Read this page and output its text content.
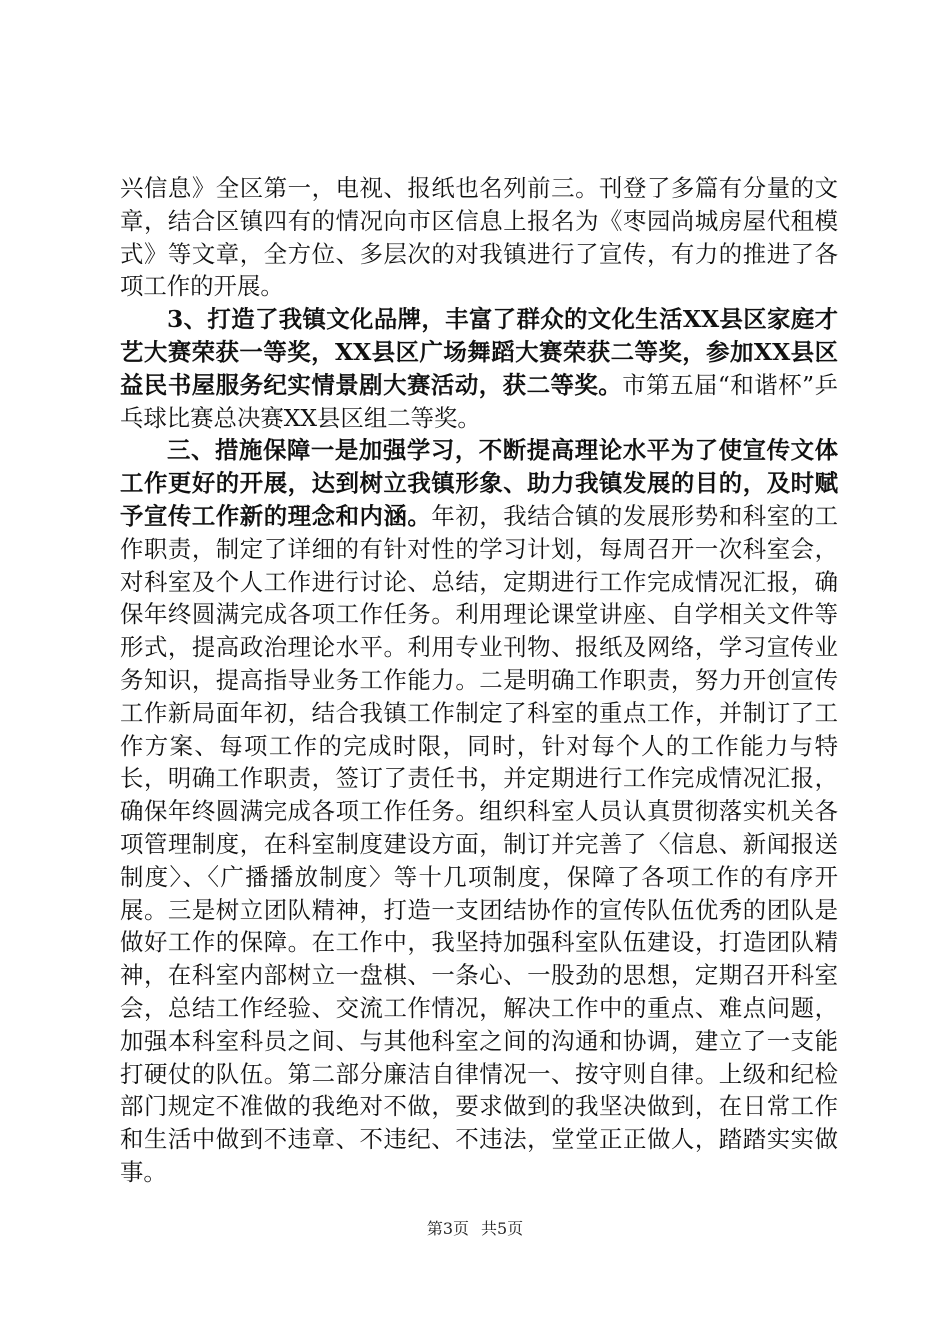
兴信息》全区第一，电视、报纸也名列前三。刊登了多篇有分量的文章，结合区镇四有的情况向市区信息上报名为《枣园尚城房屋代租模式》等文章，全方位、多层次的对我镇进行了宣传，有力的推进了各项工作的开展。

3、打造了我镇文化品牌，丰富了群众的文化生活XX县区家庭才艺大赛荣获一等奖，XX县区广场舞蹈大赛荣获二等奖，参加XX县区益民书屋服务纪实情景剧大赛活动，获二等奖。市第五届“和谐杯”乒乓球比赛总决赛XX县区组二等奖。

三、措施保障一是加强学习，不断提高理论水平为了使宣传文体工作更好的开展，达到树立我镇形象、助力我镇发展的目的，及时赋予宣传工作新的理念和内涵。年初，我结合镇的发展形势和科室的工作职责，制定了详细的有针对性的学习计划，每周召开一次科室会，对科室及个人工作进行讨论、总结，定期进行工作完成情况汇报，确保年终圆满完成各项工作任务。利用理论课堂讲座、自学相关文件等形式，提高政治理论水平。利用专业刊物、报纸及网络，学习宣传业务知识，提高指导业务工作能力。二是明确工作职责，努力开创宣传工作新局面年初，结合我镇工作制定了科室的重点工作，并制订了工作方案、每项工作的完成时限，同时，针对每个人的工作能力与特长，明确工作职责，签订了责任书，并定期进行工作完成情况汇报，确保年终圆满完成各项工作任务。组织科室人员认真贯彻落实机关各项管理制度，在科室制度建设方面，制订并完善了〈信息、新闻报送制度〉、〈广播播放制度〉等十几项制度，保障了各项工作的有序开展。三是树立团队精神，打造一支团结协作的宣传队伍优秀的团队是做好工作的保障。在工作中，我坚持加强科室队伍建设，打造团队精神，在科室内部树立一盘棋、一条心、一股劲的思想，定期召开科室会，总结工作经验、交流工作情况，解决工作中的重点、难点问题，加强本科室科员之间、与其他科室之间的沟通和协调，建立了一支能打硬仗的队伍。第二部分廉洁自律情况一、按守则自律。上级和纪检部门规定不准做的我绝对不做，要求做到的我坚决做到，在日常工作和生活中做到不违章、不违纪、不违法，堂堂正正做人，踏踏实实做事。

第3页 共5页
